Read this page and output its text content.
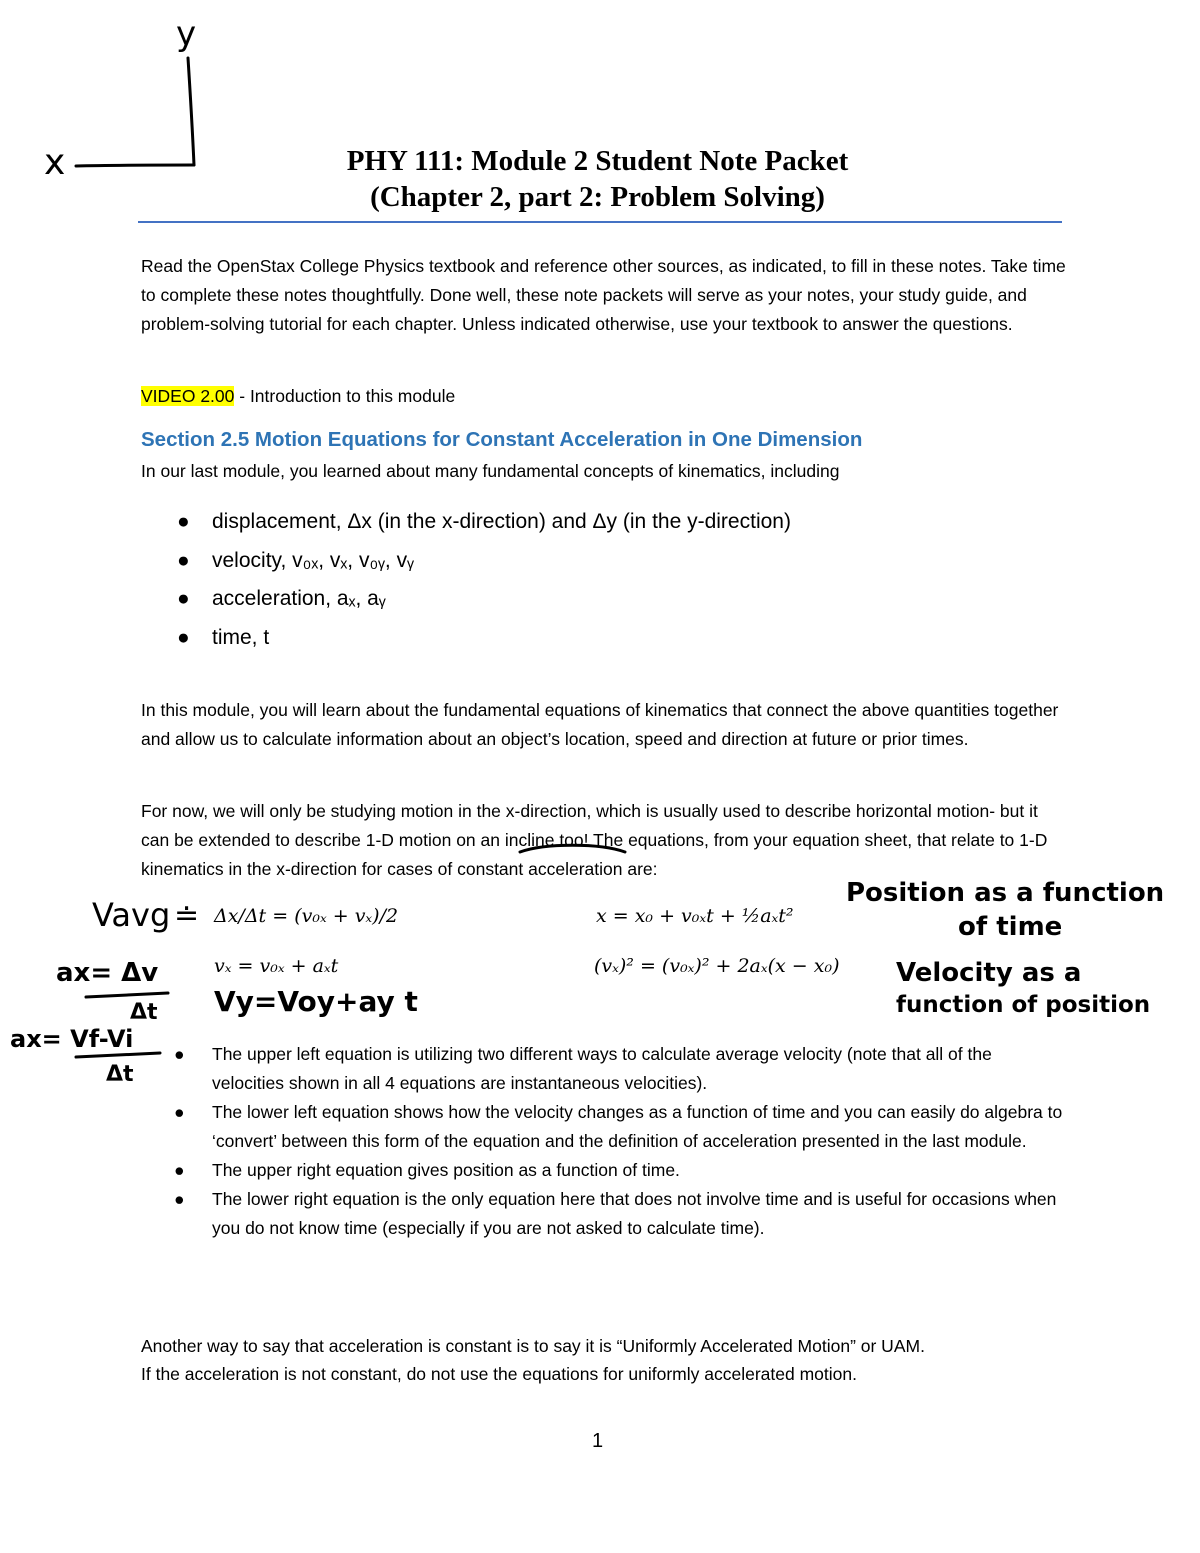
y
x	PHY 111: Module 2 Student Note Packet
(Chapter 2, part 2: Problem Solving)
Read the OpenStax College Physics textbook and reference other sources, as indicated, to fill in these notes. Take time to complete these notes thoughtfully. Done well, these note packets will serve as your notes, your study guide, and problem-solving tutorial for each chapter. Unless indicated otherwise, use your textbook to answer the questions.
VIDEO 2.00 - Introduction to this module
Section 2.5 Motion Equations for Constant Acceleration in One Dimension
In our last module, you learned about many fundamental concepts of kinematics, including
● displacement, Δx (in the x-direction) and Δy (in the y-direction)
● velocity, v₀ₓ, vₓ, v₀ᵧ, vᵧ
● acceleration, aₓ, aᵧ
● time, t
In this module, you will learn about the fundamental equations of kinematics that connect the above quantities together and allow us to calculate information about an object’s location, speed and direction at future or prior times.
For now, we will only be studying motion in the x-direction, which is usually used to describe horizontal motion- but it can be extended to describe 1-D motion on an incline too! The equations, from your equation sheet, that relate to 1-D kinematics in the x-direction for cases of constant acceleration are:
Δx/Δt = (v₀ₓ + vₓ)/2
vₓ = v₀ₓ + aₓt
x = x₀ + v₀ₓt + ½aₓt²
(vₓ)² = (v₀ₓ)² + 2aₓ(x − x₀)
Vavg ≐
ax= Δv
Δt Vy=Voy+ay t
ax= Vf-Vi
Δt
Position as a function
of time
Velocity as a
function of position
● The upper left equation is utilizing two different ways to calculate average velocity (note that all of the velocities shown in all 4 equations are instantaneous velocities).
● The lower left equation shows how the velocity changes as a function of time and you can easily do algebra to ‘convert’ between this form of the equation and the definition of acceleration presented in the last module.
● The upper right equation gives position as a function of time.
● The lower right equation is the only equation here that does not involve time and is useful for occasions when you do not know time (especially if you are not asked to calculate time).
Another way to say that acceleration is constant is to say it is “Uniformly Accelerated Motion” or UAM.
If the acceleration is not constant, do not use the equations for uniformly accelerated motion.
1
